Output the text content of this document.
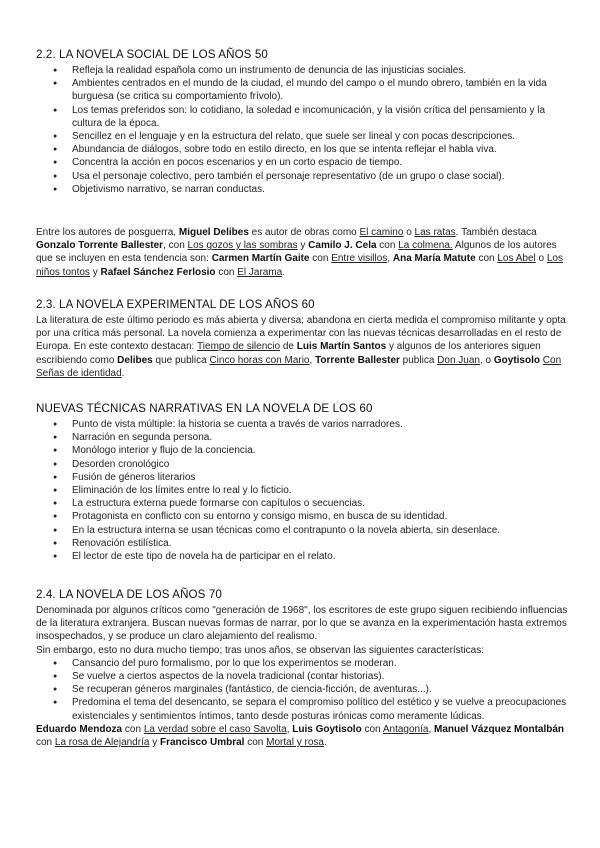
2.2. LA NOVELA SOCIAL DE LOS AÑOS 50
● Refleja la realidad española como un instrumento de denuncia de las injusticias sociales.
● Ambientes centrados en el mundo de la ciudad, el mundo del campo o el mundo obrero, también en la vida burguesa (se critica su comportamiento frívolo).
● Los temas preferidos son: lo cotidiano, la soledad e incomunicación, y la visión crítica del pensamiento y la cultura de la época.
● Sencillez en el lenguaje y en la estructura del relato, que suele ser lineal y con pocas descripciones.
● Abundancia de diálogos, sobre todo en estilo directo, en los que se intenta reflejar el habla viva.
● Concentra la acción en pocos escenarios y en un corto espacio de tiempo.
● Usa el personaje colectivo, pero también el personaje representativo (de un grupo o clase social).
● Objetivismo narrativo, se narran conductas.

Entre los autores de posguerra, Miguel Delibes es autor de obras como El camino o Las ratas. También destaca Gonzalo Torrente Ballester, con Los gozos y las sombras y Camilo J. Cela con La colmena. Algunos de los autores que se incluyen en esta tendencia son: Carmen Martín Gaite con Entre visillos, Ana María Matute con Los Abel o Los niños tontos y Rafael Sánchez Ferlosio con El Jarama.

2.3. LA NOVELA EXPERIMENTAL DE LOS AÑOS 60

La literatura de este último periodo es más abierta y diversa; abandona en cierta medida el compromiso militante y opta por una crítica más personal. La novela comienza a experimentar con las nuevas técnicas desarrolladas en el resto de Europa. En este contexto destacan: Tiempo de silencio de Luis Martín Santos y algunos de los anteriores siguen escribiendo como Delibes que publica Cinco horas con Mario, Torrente Ballester publica Don Juan, o Goytisolo Con Señas de identidad.

NUEVAS TÉCNICAS NARRATIVAS EN LA NOVELA DE LOS 60
● Punto de vista múltiple: la historia se cuenta a través de varios narradores.
● Narración en segunda persona.
● Monólogo interior y flujo de la conciencia.
● Desorden cronológico
● Fusión de géneros literarios
● Eliminación de los límites entre lo real y lo ficticio.
● La estructura externa puede formarse con capítulos o secuencias.
● Protagonista en conflicto con su entorno y consigo mismo, en busca de su identidad.
● En la estructura interna se usan técnicas como el contrapunto o la novela abierta, sin desenlace.
● Renovación estilística.
● El lector de este tipo de novela ha de participar en el relato.
2.4. LA NOVELA DE LOS AÑOS 70

Denominada por algunos críticos como "generación de 1968", los escritores de este grupo siguen recibiendo influencias de la literatura extranjera. Buscan nuevas formas de narrar, por lo que se avanza en la experimentación hasta extremos insospechados, y se produce un claro alejamiento del realismo.

Sin embargo, esto no dura mucho tiempo; tras unos años, se observan las siguientes características:

● Cansancio del puro formalismo, por lo que los experimentos se moderan.
● Se vuelve a ciertos aspectos de la novela tradicional (contar historias).
● Se recuperan géneros marginales (fantástico, de ciencia-ficción, de aventuras...).
● Predomina el tema del desencanto, se separa el compromiso político del estético y se vuelve a preocupaciones existenciales y sentimientos íntimos, tanto desde posturas irónicas como meramente lúdicas.

Eduardo Mendoza con La verdad sobre el caso Savolta, Luis Goytisolo con Antagonía, Manuel Vázquez Montalbán con La rosa de Alejandría y Francisco Umbral con Mortal y rosa.
